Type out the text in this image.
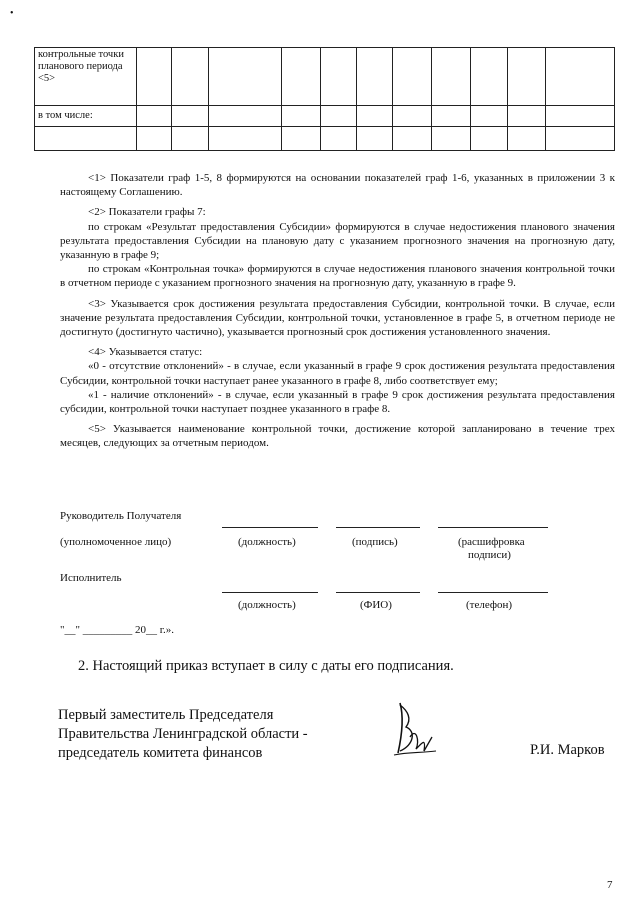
•
контрольные точки планового периода <5>											
в том числе:											

<1> Показатели граф 1-5, 8 формируются на основании показателей граф 1-6, указанных в приложении 3 к настоящему Соглашению.

<2> Показатели графы 7:

по строкам «Результат предоставления Субсидии» формируются в случае недостижения планового значения результата предоставления Субсидии на плановую дату с указанием прогнозного значения на прогнозную дату, указанную в графе 9;

по строкам «Контрольная точка» формируются в случае недостижения планового значения контрольной точки в отчетном периоде с указанием прогнозного значения на прогнозную дату, указанную в графе 9.

<3> Указывается срок достижения результата предоставления Субсидии, контрольной точки. В случае, если значение результата предоставления Субсидии, контрольной точки, установленное в графе 5, в отчетном периоде не достигнуто (достигнуто частично), указывается прогнозный срок достижения установленного значения.

<4> Указывается статус:

«0 - отсутствие отклонений» - в случае, если указанный в графе 9 срок достижения результата предоставления Субсидии, контрольной точки наступает ранее указанного в графе 8, либо соответствует ему;

«1 - наличие отклонений» - в случае, если указанный в графе 9 срок достижения результата предоставления субсидии, контрольной точки наступает позднее указанного в графе 8.

<5> Указывается наименование контрольной точки, достижение которой запланировано в течение трех месяцев, следующих за отчетным периодом.

Руководитель Получателя
(уполномоченное лицо)	(должность)	(подпись)	(расшифровка
подписи)
Исполнитель
(должность)	(ФИО)	(телефон)
"__" _________ 20__ г.».
2. Настоящий приказ вступает в силу с даты его подписания.
Первый заместитель Председателя
Правительства Ленинградской области -
председатель комитета финансов	Р.И. Марков
7
